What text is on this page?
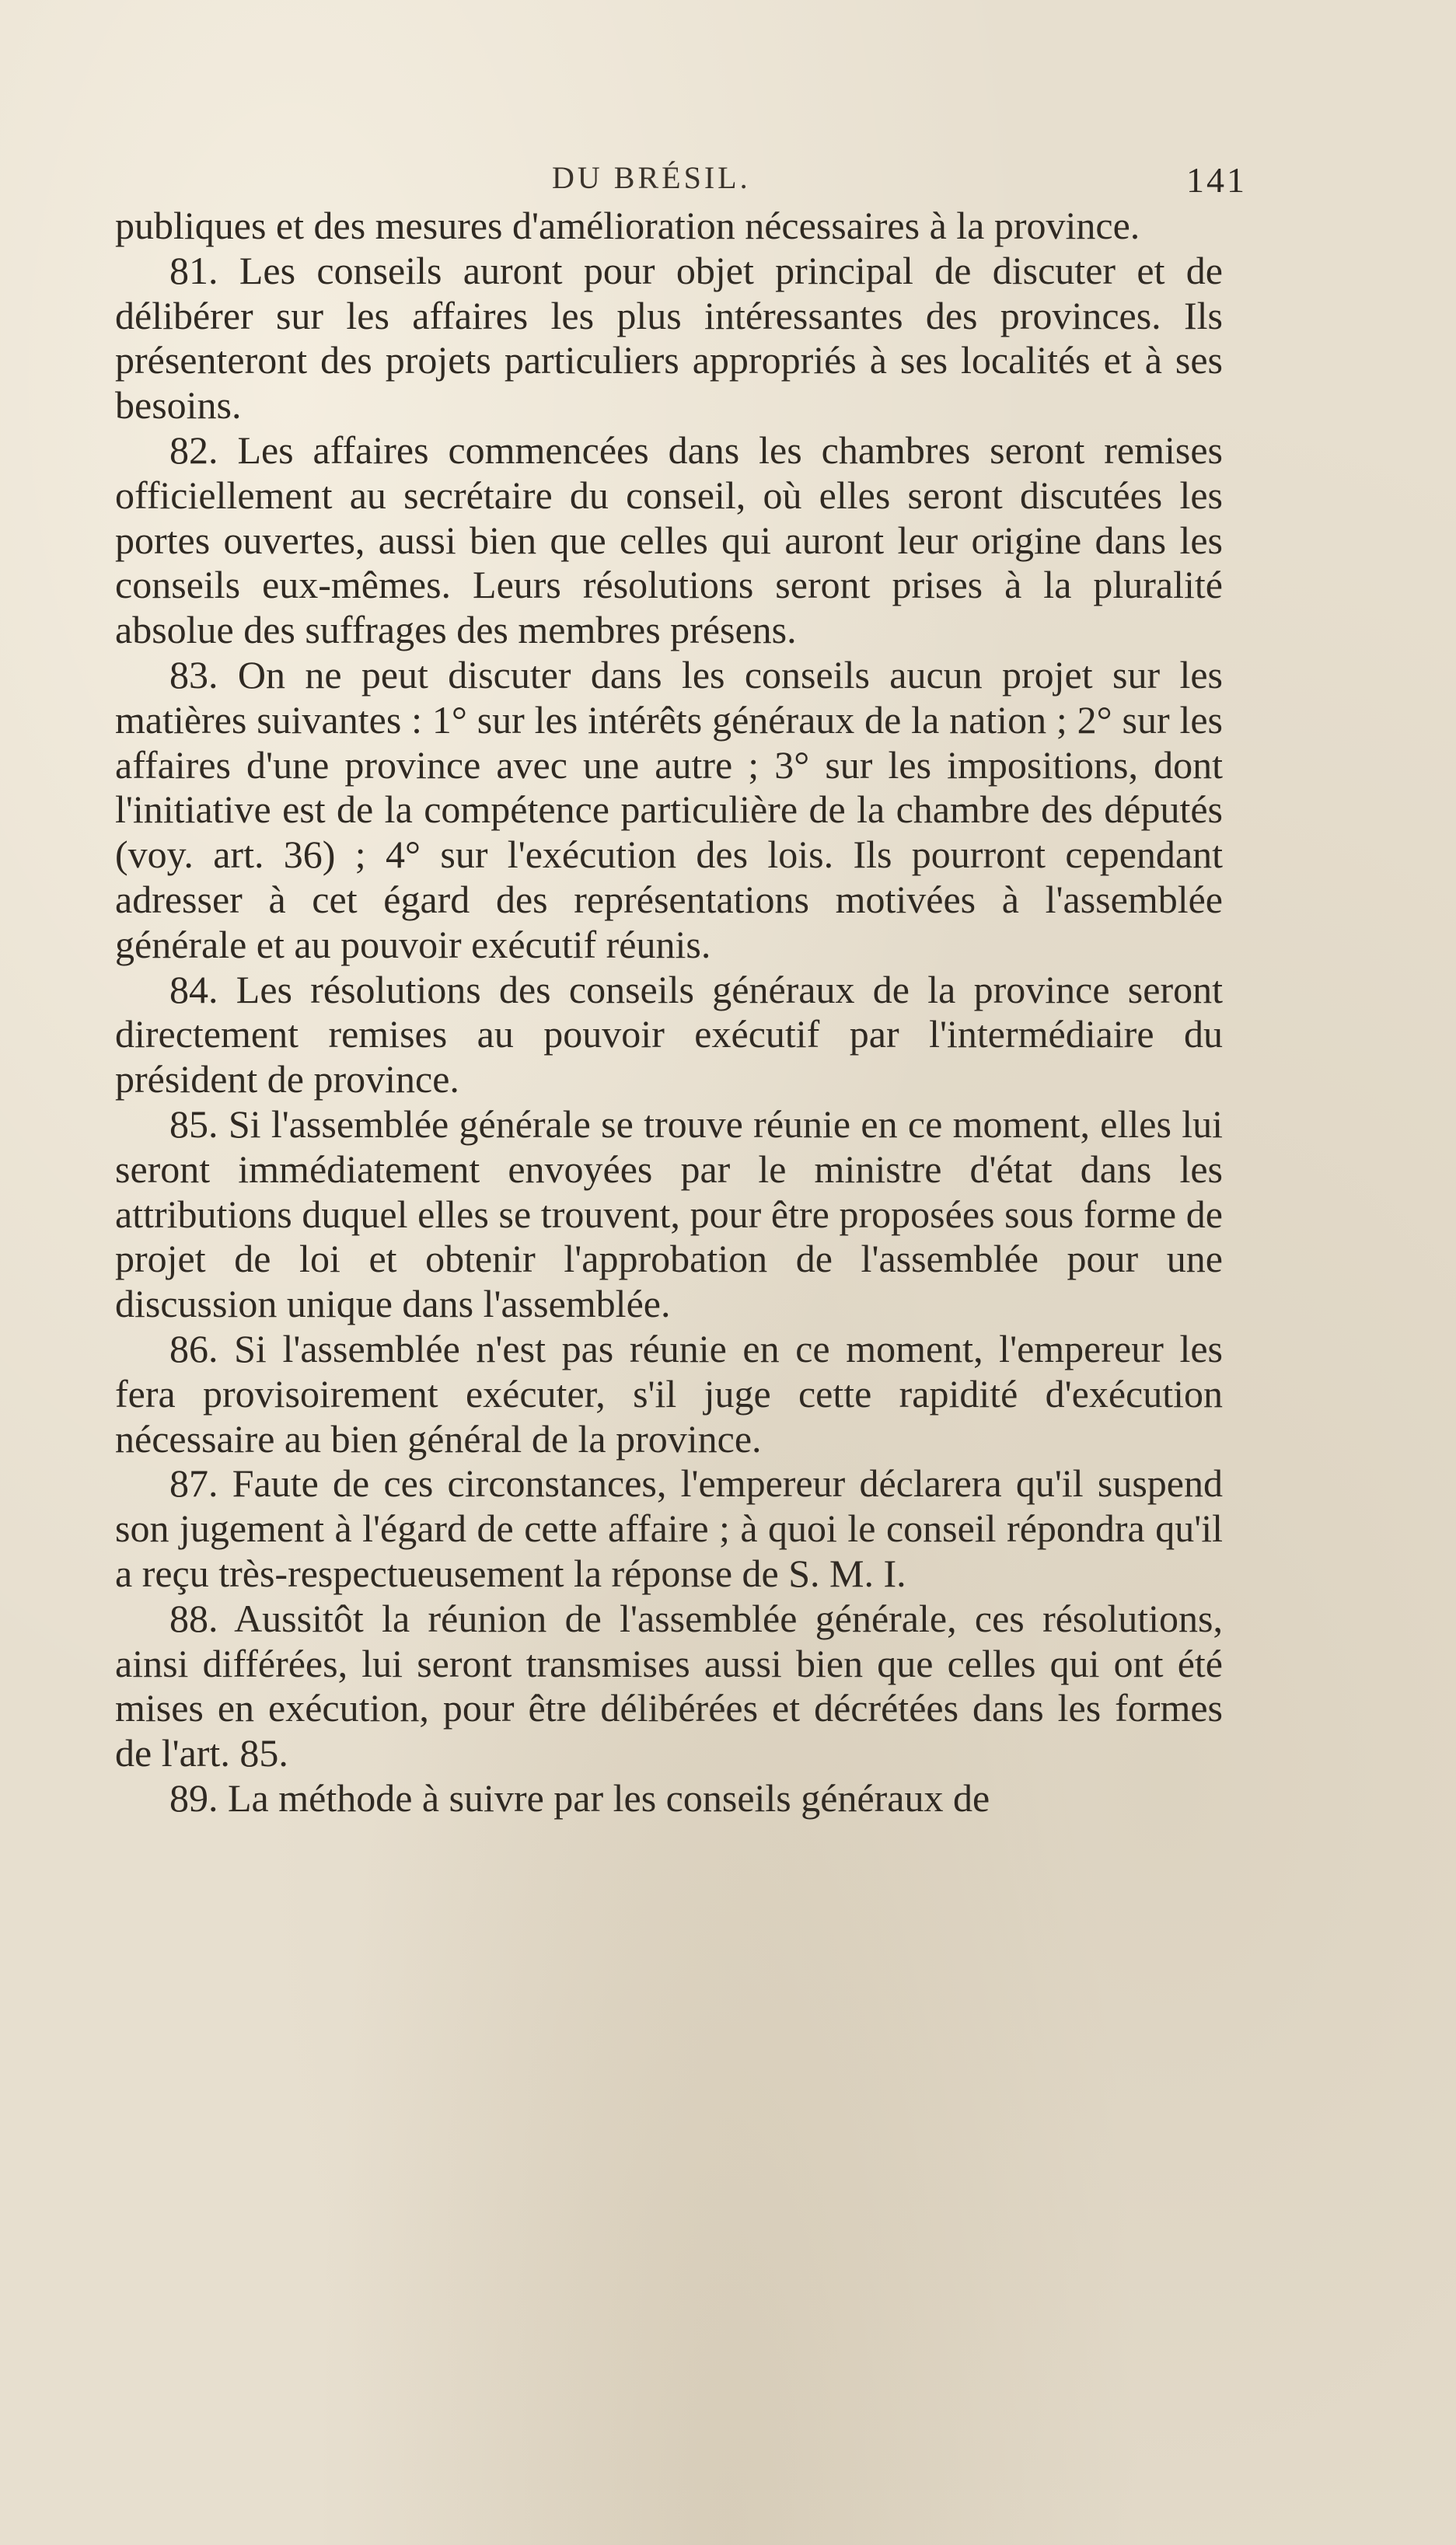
DU BRÉSIL.	141

publiques et des mesures d'amélioration nécessaires à la province.

81. Les conseils auront pour objet principal de discuter et de délibérer sur les affaires les plus intéressantes des provinces. Ils présenteront des projets particuliers appropriés à ses localités et à ses besoins.

82. Les affaires commencées dans les chambres seront remises officiellement au secrétaire du conseil, où elles seront discutées les portes ouvertes, aussi bien que celles qui auront leur origine dans les conseils eux-mêmes. Leurs résolutions seront prises à la pluralité absolue des suffrages des membres présens.

83. On ne peut discuter dans les conseils aucun projet sur les matières suivantes : 1° sur les intérêts généraux de la nation ; 2° sur les affaires d'une province avec une autre ; 3° sur les impositions, dont l'initiative est de la compétence particulière de la chambre des députés (voy. art. 36) ; 4° sur l'exécution des lois. Ils pourront cependant adresser à cet égard des représentations motivées à l'assemblée générale et au pouvoir exécutif réunis.

84. Les résolutions des conseils généraux de la province seront directement remises au pouvoir exécutif par l'intermédiaire du président de province.

85. Si l'assemblée générale se trouve réunie en ce moment, elles lui seront immédiatement envoyées par le ministre d'état dans les attributions duquel elles se trouvent, pour être proposées sous forme de projet de loi et obtenir l'approbation de l'assemblée pour une discussion unique dans l'assemblée.

86. Si l'assemblée n'est pas réunie en ce moment, l'empereur les fera provisoirement exécuter, s'il juge cette rapidité d'exécution nécessaire au bien général de la province.

87. Faute de ces circonstances, l'empereur déclarera qu'il suspend son jugement à l'égard de cette affaire ; à quoi le conseil répondra qu'il a reçu très-respectueusement la réponse de S. M. I.

88. Aussitôt la réunion de l'assemblée générale, ces résolutions, ainsi différées, lui seront transmises aussi bien que celles qui ont été mises en exécution, pour être délibérées et décrétées dans les formes de l'art. 85.

89. La méthode à suivre par les conseils généraux de
